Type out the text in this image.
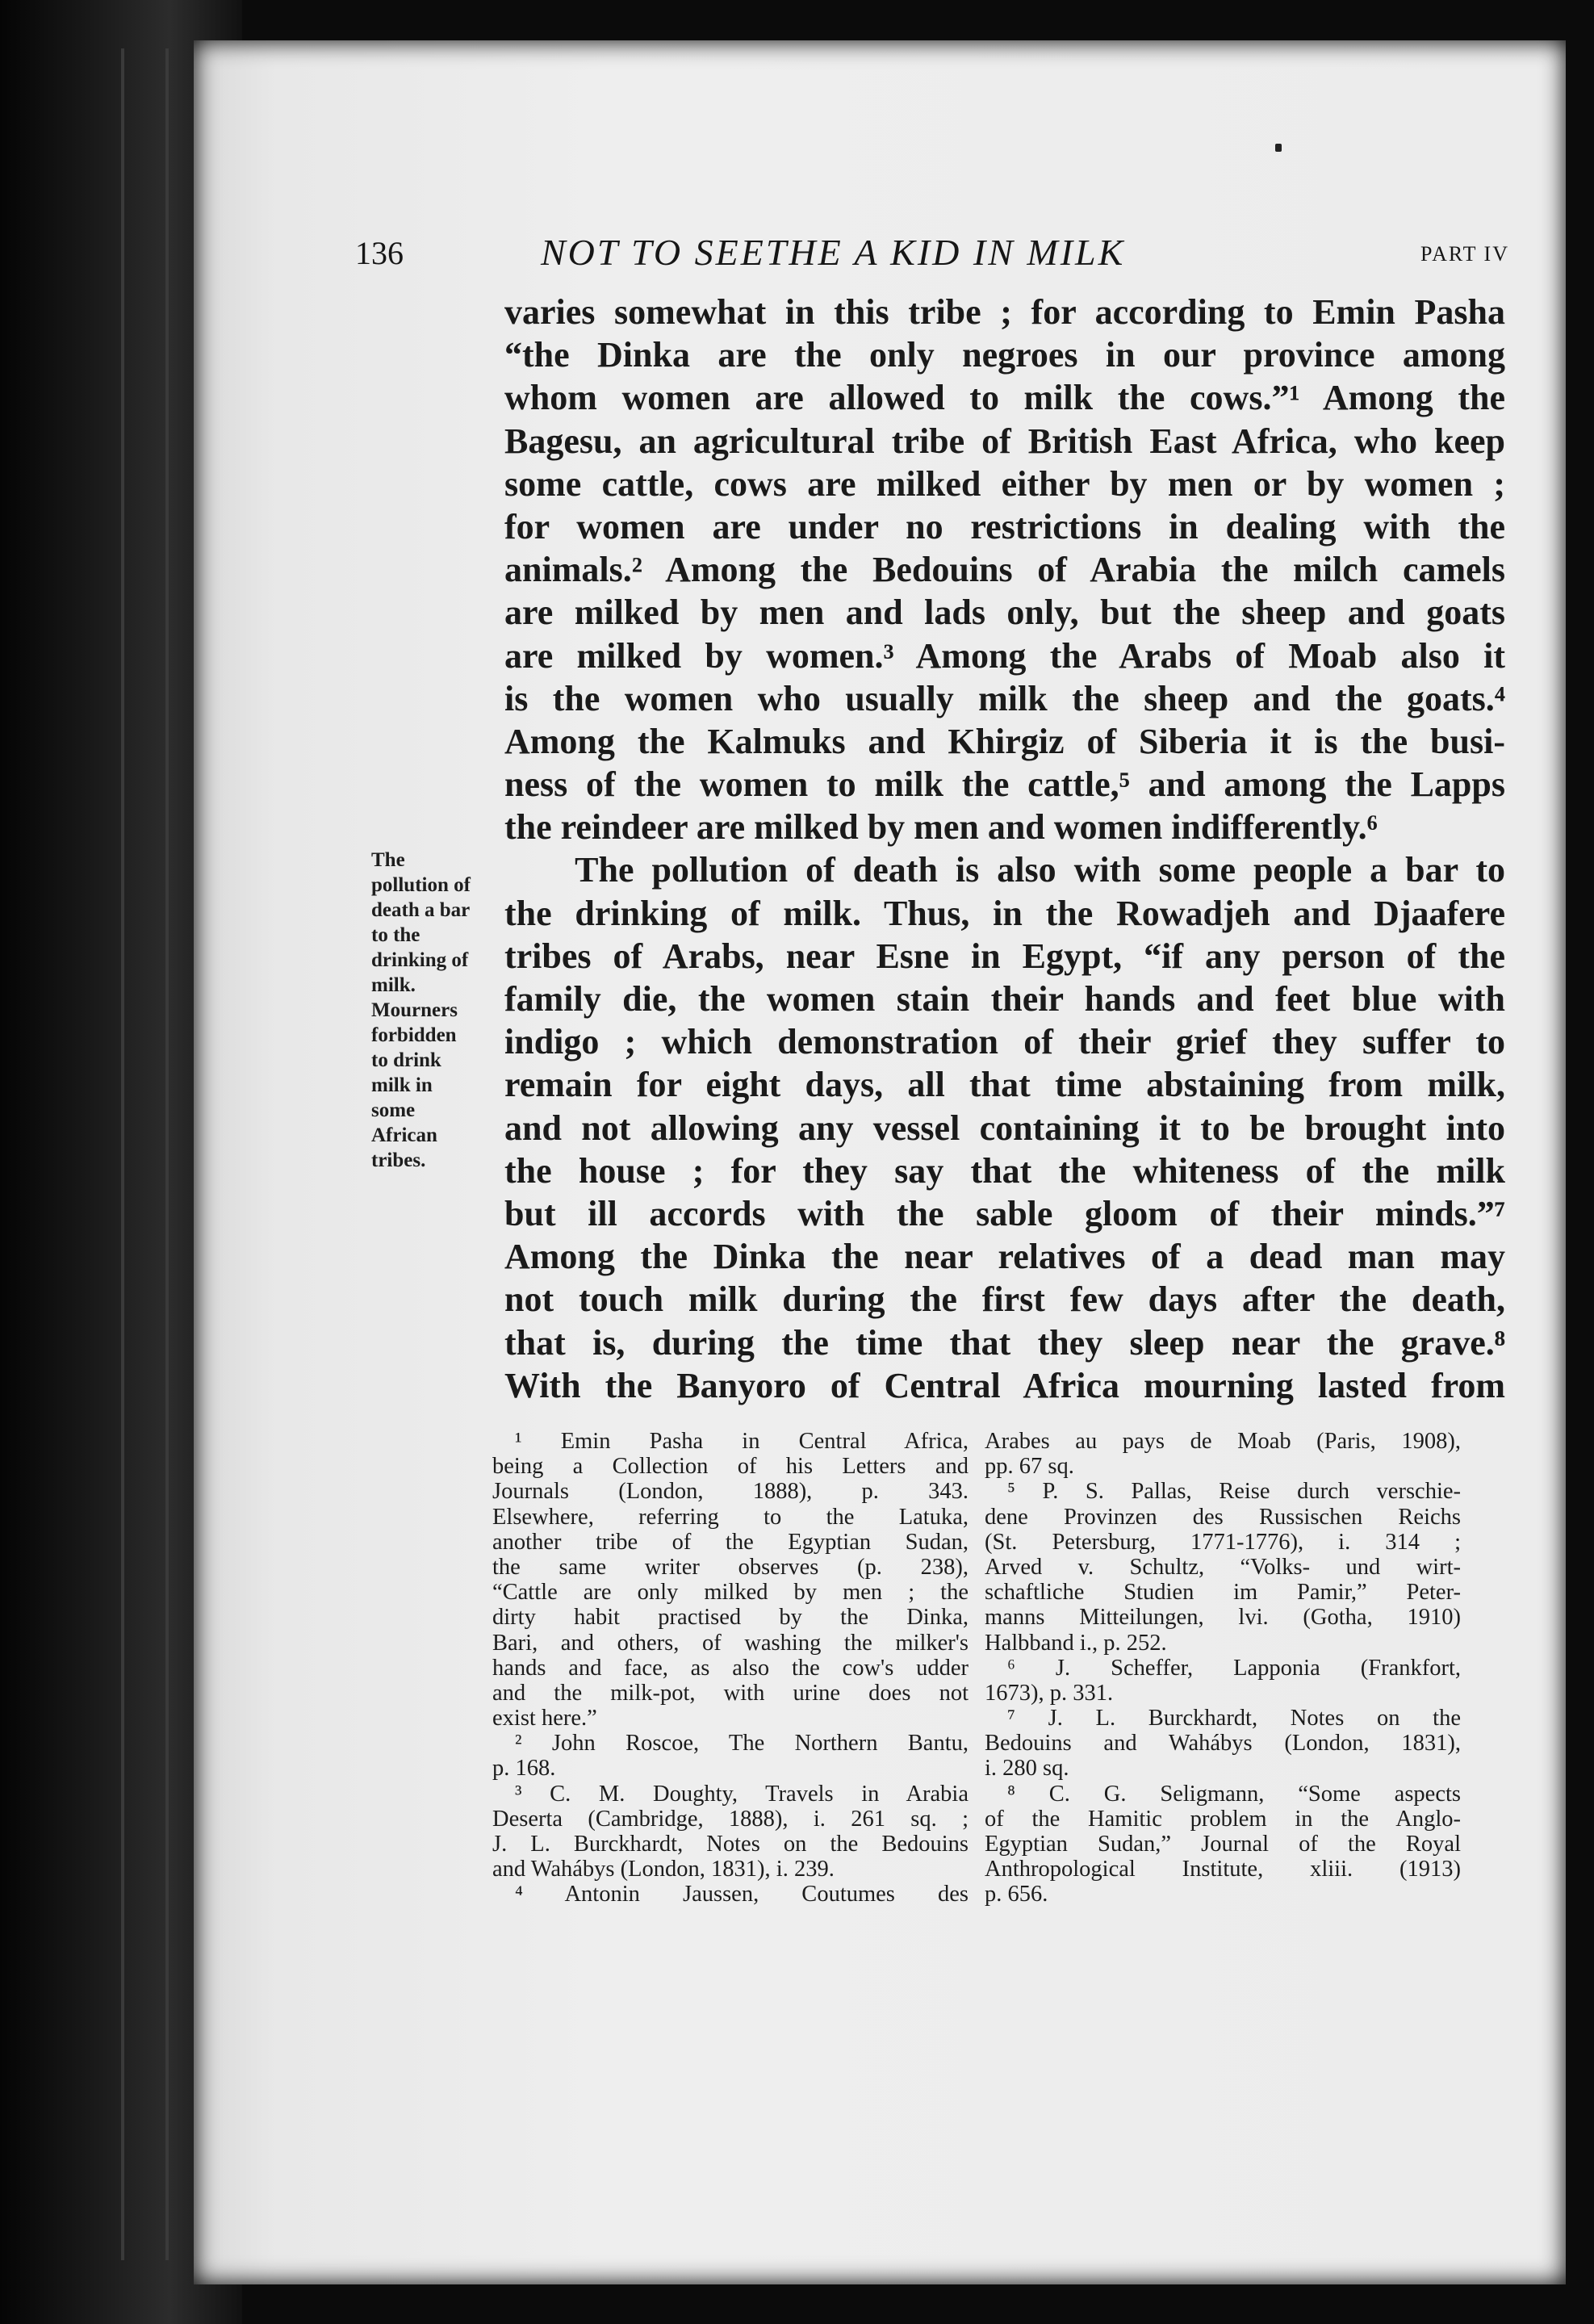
136	NOT TO SEETHE A KID IN MILK	PART IV
varies somewhat in this tribe ; for according to Emin Pasha
“the Dinka are the only negroes in our province among
whom women are allowed to milk the cows.”¹ Among the
Bagesu, an agricultural tribe of British East Africa, who keep
some cattle, cows are milked either by men or by women ;
for women are under no restrictions in dealing with the
animals.² Among the Bedouins of Arabia the milch camels
are milked by men and lads only, but the sheep and goats
are milked by women.³ Among the Arabs of Moab also it
is the women who usually milk the sheep and the goats.⁴
Among the Kalmuks and Khirgiz of Siberia it is the busi-
ness of the women to milk the cattle,⁵ and among the Lapps
the reindeer are milked by men and women indifferently.⁶
The pollution of death is also with some people a bar to
the drinking of milk. Thus, in the Rowadjeh and Djaafere
tribes of Arabs, near Esne in Egypt, “if any person of the
family die, the women stain their hands and feet blue with
indigo ; which demonstration of their grief they suffer to
remain for eight days, all that time abstaining from milk,
and not allowing any vessel containing it to be brought into
the house ; for they say that the whiteness of the milk
but ill accords with the sable gloom of their minds.”⁷
Among the Dinka the near relatives of a dead man may
not touch milk during the first few days after the death,
that is, during the time that they sleep near the grave.⁸
With the Banyoro of Central Africa mourning lasted from
The
pollution of
death a bar
to the
drinking of
milk.
Mourners
forbidden
to drink
milk in
some
African
tribes.
¹ Emin Pasha in Central Africa,
being a Collection of his Letters and
Journals (London, 1888), p. 343.
Elsewhere, referring to the Latuka,
another tribe of the Egyptian Sudan,
the same writer observes (p. 238),
“Cattle are only milked by men ; the
dirty habit practised by the Dinka,
Bari, and others, of washing the milker's
hands and face, as also the cow's udder
and the milk-pot, with urine does not
exist here.”
² John Roscoe, The Northern Bantu,
p. 168.
³ C. M. Doughty, Travels in Arabia
Deserta (Cambridge, 1888), i. 261 sq. ;
J. L. Burckhardt, Notes on the Bedouins
and Wahábys (London, 1831), i. 239.
⁴ Antonin Jaussen, Coutumes des
Arabes au pays de Moab (Paris, 1908),
pp. 67 sq.
⁵ P. S. Pallas, Reise durch verschie-
dene Provinzen des Russischen Reichs
(St. Petersburg, 1771-1776), i. 314 ;
Arved v. Schultz, “Volks- und wirt-
schaftliche Studien im Pamir,” Peter-
manns Mitteilungen, lvi. (Gotha, 1910)
Halbband i., p. 252.
⁶ J. Scheffer, Lapponia (Frankfort,
1673), p. 331.
⁷ J. L. Burckhardt, Notes on the
Bedouins and Wahábys (London, 1831),
i. 280 sq.
⁸ C. G. Seligmann, “Some aspects
of the Hamitic problem in the Anglo-
Egyptian Sudan,” Journal of the Royal
Anthropological Institute, xliii. (1913)
p. 656.
